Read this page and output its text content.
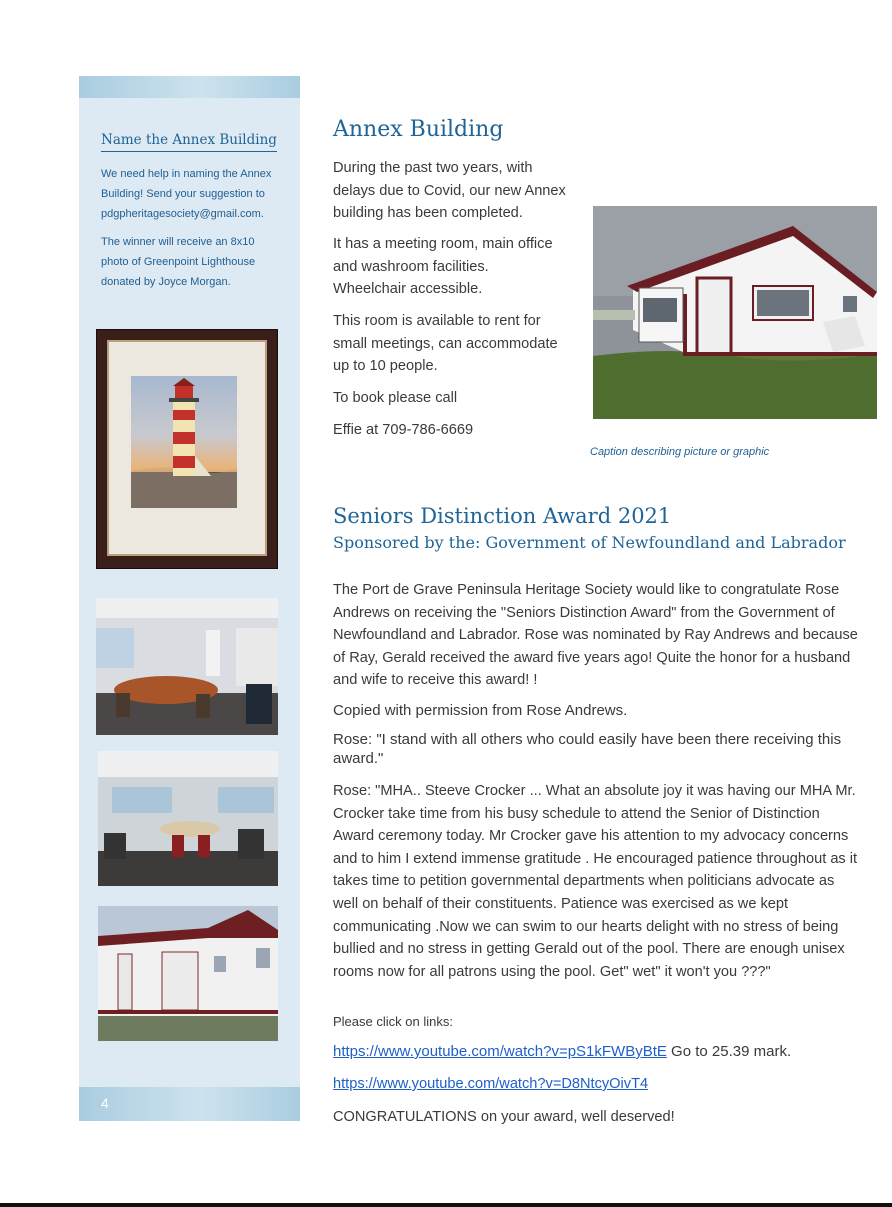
Name the Annex Building
We need help in naming the Annex Building! Send your suggestion to pdgpheritagesociety@gmail.com.
The winner will receive an 8x10 photo of Greenpoint Lighthouse donated by Joyce Morgan.
4
Annex Building

During the past two years, with delays due to Covid, our new Annex building has been completed.

It has a meeting room, main office and washroom facilities. Wheelchair accessible.

This room is available to rent for small meetings, can accommodate up to 10 people.

To book please call

Effie at 709-786-6669

Caption describing picture or graphic
Seniors Distinction Award 2021
Sponsored by the: Government of Newfoundland and Labrador

The Port de Grave Peninsula Heritage Society would like to congratulate Rose Andrews on receiving the "Seniors Distinction Award" from the Government of Newfoundland and Labrador. Rose was nominated by Ray Andrews and because of Ray, Gerald received the award five years ago! Quite the honor for a husband and wife to receive this award! !

Copied with permission from Rose Andrews.

Rose: "I stand with all others who could easily have been there receiving this award."

Rose: "MHA.. Steeve Crocker ... What an absolute joy it was having our MHA Mr. Crocker take time from his busy schedule to attend the Senior of Distinction Award ceremony today. Mr Crocker gave his attention to my advocacy concerns and to him I extend immense gratitude . He encouraged patience throughout as it takes time to petition governmental departments when politicians advocate as well on behalf of their constituents. Patience was exercised as we kept communicating .Now we can swim to our hearts delight with no stress of being bullied and no stress in getting Gerald out of the pool. There are enough unisex rooms now for all patrons using the pool. Get" wet" it won't you ???"

Please click on links:

https://www.youtube.com/watch?v=pS1kFWByBtE Go to 25.39 mark.

https://www.youtube.com/watch?v=D8NtcyOivT4

CONGRATULATIONS on your award, well deserved!
